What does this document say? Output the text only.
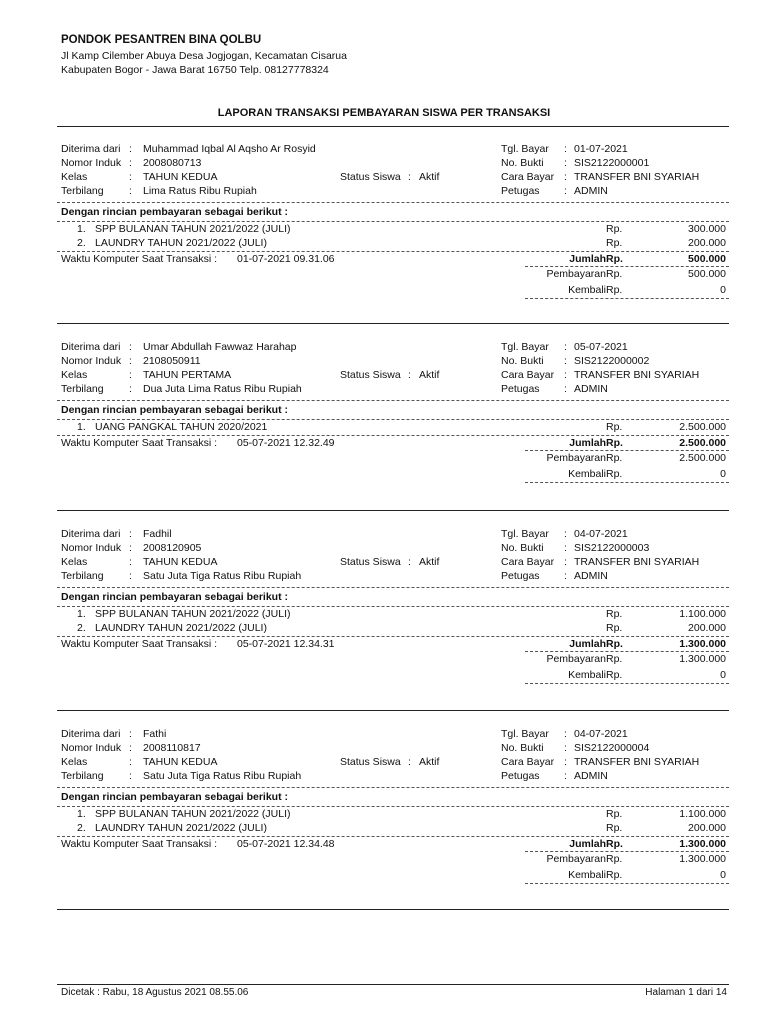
PONDOK PESANTREN BINA QOLBU
Jl Kamp Cilember Abuya Desa Jogjogan, Kecamatan Cisarua
Kabupaten Bogor - Jawa Barat 16750 Telp. 08127778324
LAPORAN TRANSAKSI PEMBAYARAN SISWA PER TRANSAKSI
Diterima dari : Muhammad Iqbal Al Aqsho Ar Rosyid
Nomor Induk : 2008080713
Kelas	: TAHUN KEDUA
Terbilang : Lima Ratus Ribu Rupiah
Status Siswa : Aktif
Tgl. Bayar : 01-07-2021
No. Bukti : SIS2122000001
Cara Bayar : TRANSFER BNI SYARIAH
Petugas : ADMIN
Dengan rincian pembayaran sebagai berikut :
1. SPP BULANAN TAHUN 2021/2022 (JULI)	Rp.	300.000
2. LAUNDRY TAHUN 2021/2022 (JULI)	Rp.	200.000
Waktu Komputer Saat Transaksi : 01-07-2021 09.31.06	Jumlah Rp.	500.000
Pembayaran Rp.	500.000
Kembali Rp.	0
Diterima dari : Umar Abdullah Fawwaz Harahap
Nomor Induk : 2108050911
Kelas	: TAHUN PERTAMA
Terbilang : Dua Juta Lima Ratus Ribu Rupiah
Status Siswa : Aktif
Tgl. Bayar : 05-07-2021
No. Bukti : SIS2122000002
Cara Bayar : TRANSFER BNI SYARIAH
Petugas : ADMIN
Dengan rincian pembayaran sebagai berikut :
1. UANG PANGKAL TAHUN 2020/2021	Rp.	2.500.000
Waktu Komputer Saat Transaksi : 05-07-2021 12.32.49	Jumlah Rp.	2.500.000
Pembayaran Rp.	2.500.000
Kembali Rp.	0
Diterima dari : Fadhil
Nomor Induk : 2008120905
Kelas	: TAHUN KEDUA
Terbilang : Satu Juta Tiga Ratus Ribu Rupiah
Status Siswa : Aktif
Tgl. Bayar : 04-07-2021
No. Bukti : SIS2122000003
Cara Bayar : TRANSFER BNI SYARIAH
Petugas : ADMIN
Dengan rincian pembayaran sebagai berikut :
1. SPP BULANAN TAHUN 2021/2022 (JULI)	Rp.	1.100.000
2. LAUNDRY TAHUN 2021/2022 (JULI)	Rp.	200.000
Waktu Komputer Saat Transaksi : 05-07-2021 12.34.31	Jumlah Rp.	1.300.000
Pembayaran Rp.	1.300.000
Kembali Rp.	0
Diterima dari : Fathi
Nomor Induk : 2008110817
Kelas	: TAHUN KEDUA
Terbilang : Satu Juta Tiga Ratus Ribu Rupiah
Status Siswa : Aktif
Tgl. Bayar : 04-07-2021
No. Bukti : SIS2122000004
Cara Bayar : TRANSFER BNI SYARIAH
Petugas : ADMIN
Dengan rincian pembayaran sebagai berikut :
1. SPP BULANAN TAHUN 2021/2022 (JULI)	Rp.	1.100.000
2. LAUNDRY TAHUN 2021/2022 (JULI)	Rp.	200.000
Waktu Komputer Saat Transaksi : 05-07-2021 12.34.48	Jumlah Rp.	1.300.000
Pembayaran Rp.	1.300.000
Kembali Rp.	0
Dicetak : Rabu, 18 Agustus 2021 08.55.06	Halaman 1 dari 14
